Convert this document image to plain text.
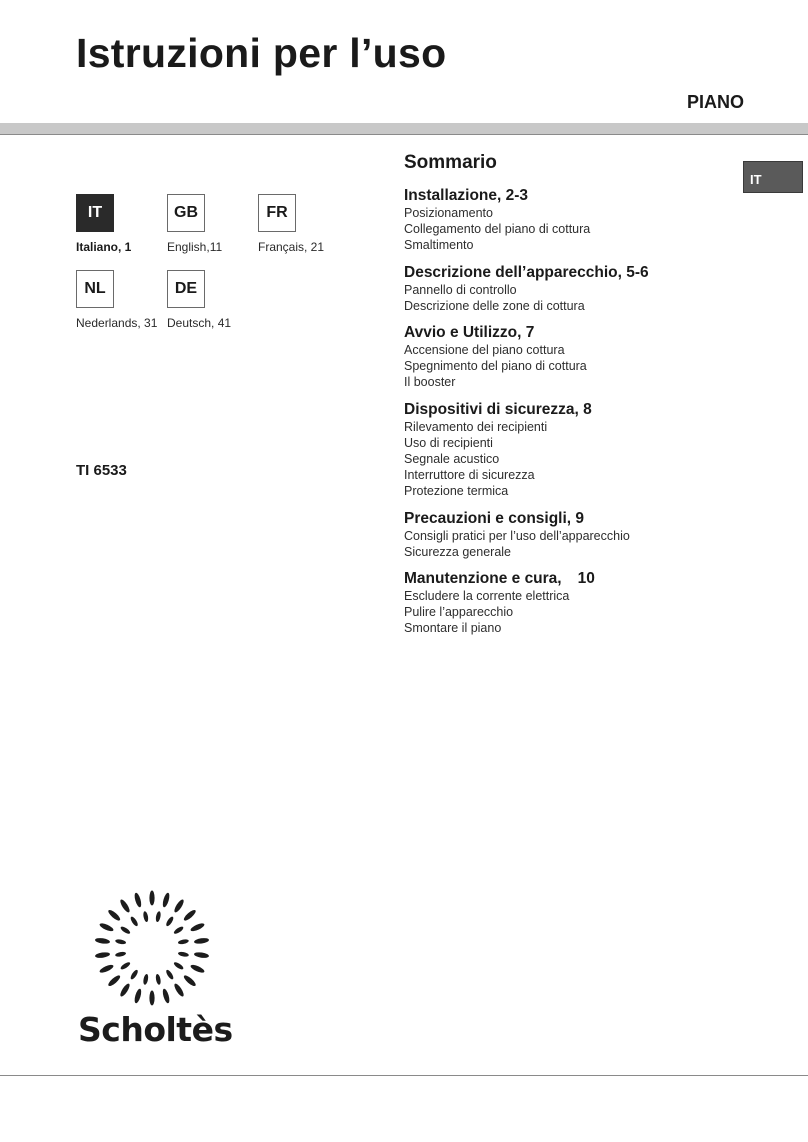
Istruzioni per l’uso
PIANO
IT
IT
Italiano, 1
GB
English,11
FR
Français, 21
NL
Nederlands, 31
DE
Deutsch, 41
TI 6533
Sommario
Installazione, 2-3
Posizionamento
Collegamento del piano di cottura
Smaltimento
Descrizione dell’apparecchio, 5-6
Pannello di controllo
Descrizione delle zone di cottura
Avvio e Utilizzo, 7
Accensione del piano cottura
Spegnimento del piano di cottura
Il booster
Dispositivi di sicurezza, 8
Rilevamento dei recipienti
Uso di recipienti
Segnale acustico
Interruttore di sicurezza
Protezione termica
Precauzioni e consigli, 9
Consigli pratici per l’uso dell’apparecchio
Sicurezza generale
Manutenzione e cura, 10
Escludere la corrente elettrica
Pulire l’apparecchio
Smontare il piano
Scholtès
